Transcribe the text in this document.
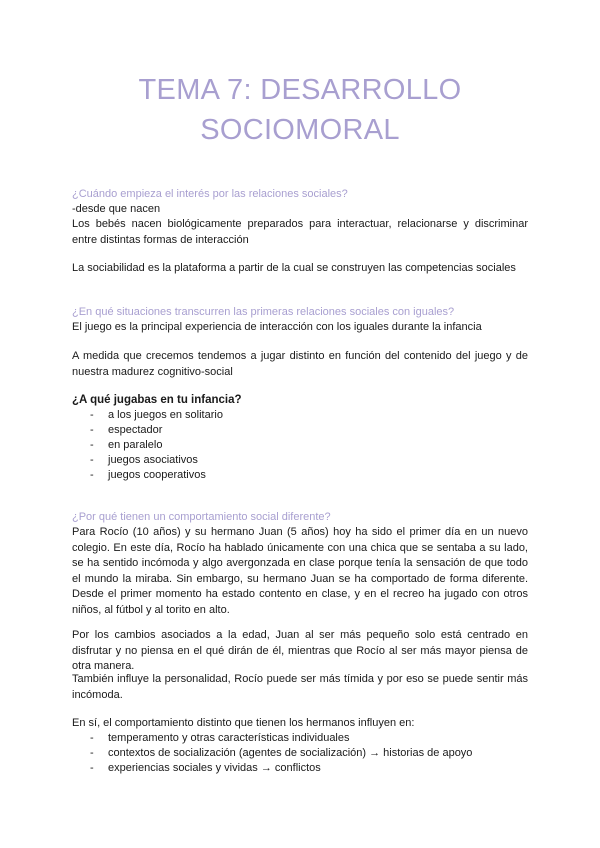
TEMA 7: DESARROLLO
SOCIOMORAL
¿Cuándo empieza el interés por las relaciones sociales?
-desde que nacen
Los bebés nacen biológicamente preparados para interactuar, relacionarse y discriminar entre distintas formas de interacción
La sociabilidad es la plataforma a partir de la cual se construyen las competencias sociales
¿En qué situaciones transcurren las primeras relaciones sociales con iguales?
El juego es la principal experiencia de interacción con los iguales durante la infancia
A medida que crecemos tendemos a jugar distinto en función del contenido del juego y de nuestra madurez cognitivo-social
¿A qué jugabas en tu infancia?
- a los juegos en solitario
- espectador
- en paralelo
- juegos asociativos
- juegos cooperativos
¿Por qué tienen un comportamiento social diferente?
Para Rocío (10 años) y su hermano Juan (5 años) hoy ha sido el primer día en un nuevo colegio. En este día, Rocío ha hablado únicamente con una chica que se sentaba a su lado, se ha sentido incómoda y algo avergonzada en clase porque tenía la sensación de que todo el mundo la miraba. Sin embargo, su hermano Juan se ha comportado de forma diferente. Desde el primer momento ha estado contento en clase, y en el recreo ha jugado con otros niños, al fútbol y al torito en alto.
Por los cambios asociados a la edad, Juan al ser más pequeño solo está centrado en disfrutar y no piensa en el qué dirán de él, mientras que Rocío al ser más mayor piensa de otra manera.
También influye la personalidad, Rocío puede ser más tímida y por eso se puede sentir más incómoda.
En sí, el comportamiento distinto que tienen los hermanos influyen en:
- temperamento y otras características individuales
- contextos de socialización (agentes de socialización) → historias de apoyo
- experiencias sociales y vividas → conflictos
